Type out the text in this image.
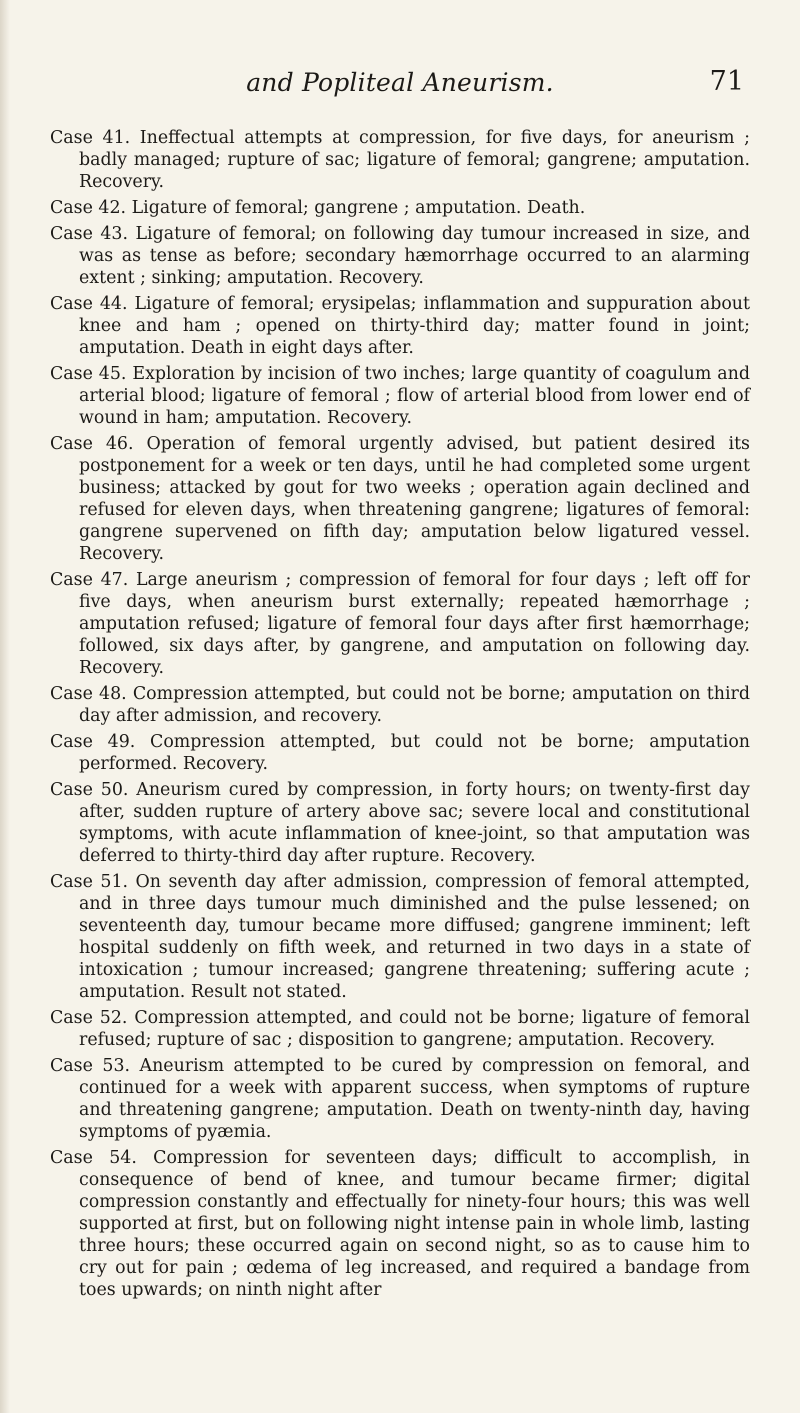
and Popliteal Aneurism.	71

Case 41. Ineffectual attempts at compression, for five days, for aneurism ; badly managed; rupture of sac; ligature of femoral; gangrene; amputation. Recovery.

Case 42. Ligature of femoral; gangrene ; amputation. Death.

Case 43. Ligature of femoral; on following day tumour increased in size, and was as tense as before; secondary hæmorrhage occurred to an alarming extent ; sinking; amputation. Recovery.

Case 44. Ligature of femoral; erysipelas; inflammation and suppuration about knee and ham ; opened on thirty-third day; matter found in joint; amputation. Death in eight days after.

Case 45. Exploration by incision of two inches; large quantity of coagulum and arterial blood; ligature of femoral ; flow of arterial blood from lower end of wound in ham; amputation. Recovery.

Case 46. Operation of femoral urgently advised, but patient desired its postponement for a week or ten days, until he had completed some urgent business; attacked by gout for two weeks ; operation again declined and refused for eleven days, when threatening gangrene; ligatures of femoral: gangrene supervened on fifth day; amputation below ligatured vessel. Recovery.

Case 47. Large aneurism ; compression of femoral for four days ; left off for five days, when aneurism burst externally; repeated hæmorrhage ; amputation refused; ligature of femoral four days after first hæmorrhage; followed, six days after, by gangrene, and amputation on following day. Recovery.

Case 48. Compression attempted, but could not be borne; amputation on third day after admission, and recovery.

Case 49. Compression attempted, but could not be borne; amputation performed. Recovery.

Case 50. Aneurism cured by compression, in forty hours; on twenty-first day after, sudden rupture of artery above sac; severe local and constitutional symptoms, with acute inflammation of knee-joint, so that amputation was deferred to thirty-third day after rupture. Recovery.

Case 51. On seventh day after admission, compression of femoral attempted, and in three days tumour much diminished and the pulse lessened; on seventeenth day, tumour became more diffused; gangrene imminent; left hospital suddenly on fifth week, and returned in two days in a state of intoxication ; tumour increased; gangrene threatening; suffering acute ; amputation. Result not stated.

Case 52. Compression attempted, and could not be borne; ligature of femoral refused; rupture of sac ; disposition to gangrene; amputation. Recovery.

Case 53. Aneurism attempted to be cured by compression on femoral, and continued for a week with apparent success, when symptoms of rupture and threatening gangrene; amputation. Death on twenty-ninth day, having symptoms of pyæmia.

Case 54. Compression for seventeen days; difficult to accomplish, in consequence of bend of knee, and tumour became firmer; digital compression constantly and effectually for ninety-four hours; this was well supported at first, but on following night intense pain in whole limb, lasting three hours; these occurred again on second night, so as to cause him to cry out for pain ; œdema of leg increased, and required a bandage from toes upwards; on ninth night after
